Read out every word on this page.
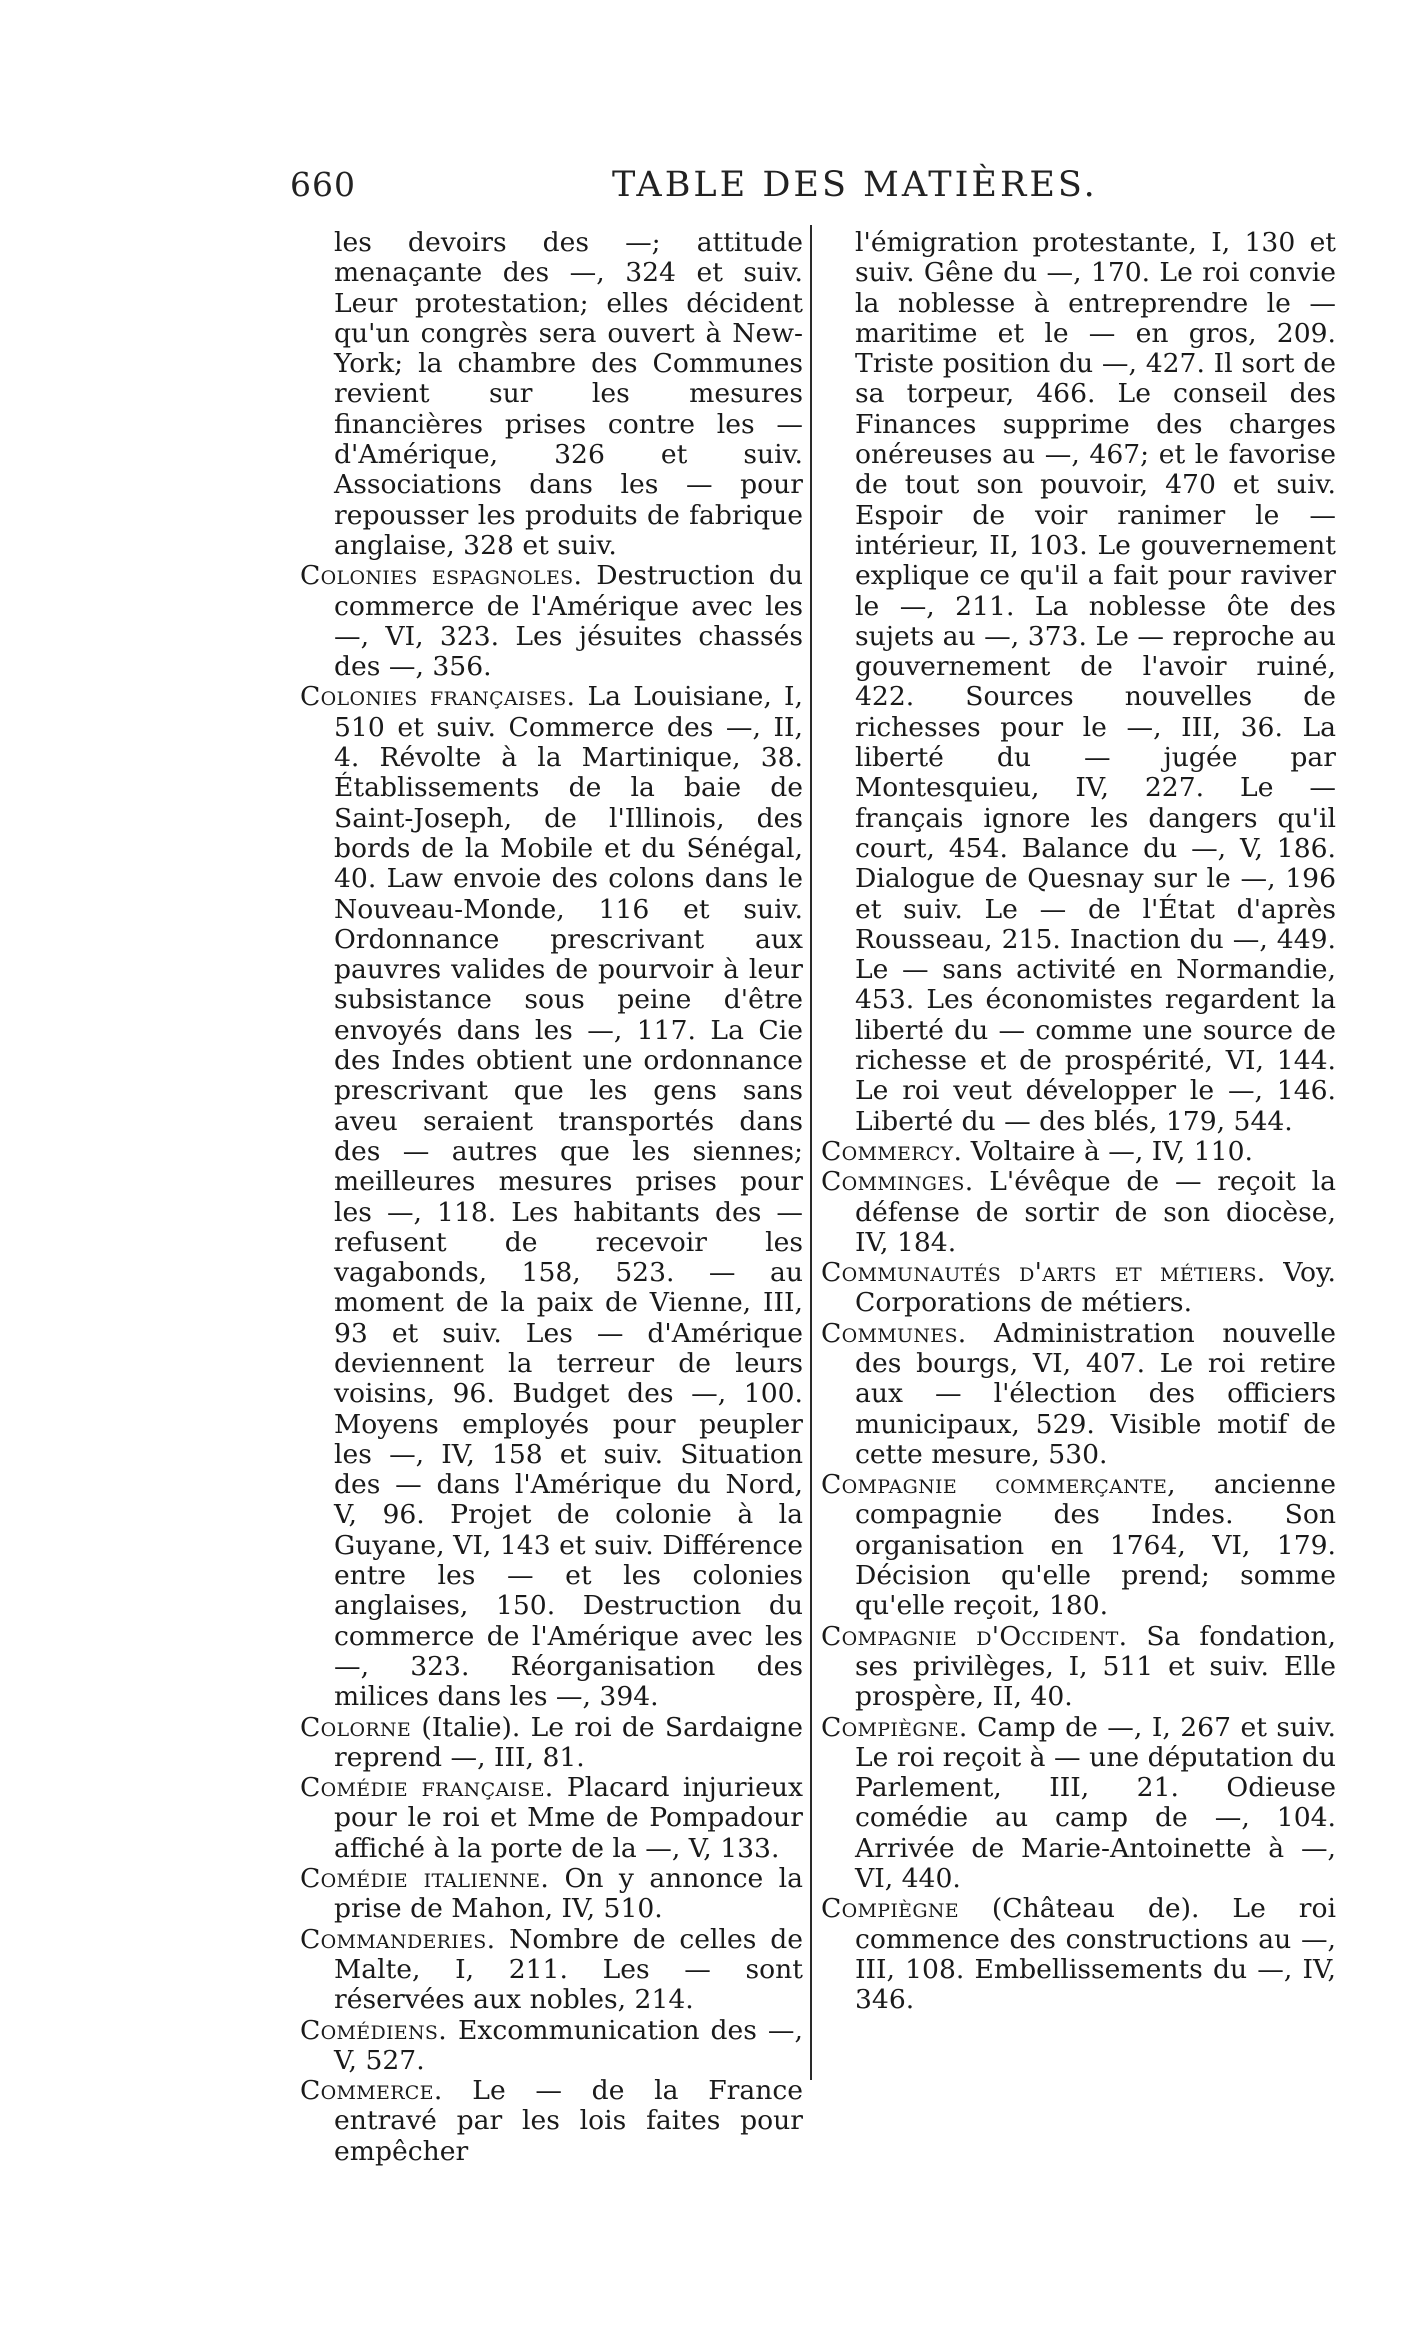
660	TABLE DES MATIÈRES.

les devoirs des —; attitude menaçante des —, 324 et suiv. Leur protestation; elles décident qu'un congrès sera ouvert à New-York; la chambre des Communes revient sur les mesures financières prises contre les — d'Amérique, 326 et suiv. Associations dans les — pour repousser les produits de fabrique anglaise, 328 et suiv.

Colonies espagnoles. Destruction du commerce de l'Amérique avec les —, VI, 323. Les jésuites chassés des —, 356.

Colonies françaises. La Louisiane, I, 510 et suiv. Commerce des —, II, 4. Révolte à la Martinique, 38. Établissements de la baie de Saint-Joseph, de l'Illinois, des bords de la Mobile et du Sénégal, 40. Law envoie des colons dans le Nouveau-Monde, 116 et suiv. Ordonnance prescrivant aux pauvres valides de pourvoir à leur subsistance sous peine d'être envoyés dans les —, 117. La Cie des Indes obtient une ordonnance prescrivant que les gens sans aveu seraient transportés dans des — autres que les siennes; meilleures mesures prises pour les —, 118. Les habitants des — refusent de recevoir les vagabonds, 158, 523. — au moment de la paix de Vienne, III, 93 et suiv. Les — d'Amérique deviennent la terreur de leurs voisins, 96. Budget des —, 100. Moyens employés pour peupler les —, IV, 158 et suiv. Situation des — dans l'Amérique du Nord, V, 96. Projet de colonie à la Guyane, VI, 143 et suiv. Différence entre les — et les colonies anglaises, 150. Destruction du commerce de l'Amérique avec les —, 323. Réorganisation des milices dans les —, 394.

Colorne (Italie). Le roi de Sardaigne reprend —, III, 81.

Comédie française. Placard injurieux pour le roi et Mme de Pompadour affiché à la porte de la —, V, 133.

Comédie italienne. On y annonce la prise de Mahon, IV, 510.

Commanderies. Nombre de celles de Malte, I, 211. Les — sont réservées aux nobles, 214.

Comédiens. Excommunication des —, V, 527.

Commerce. Le — de la France entravé par les lois faites pour empêcher

l'émigration protestante, I, 130 et suiv. Gêne du —, 170. Le roi convie la noblesse à entreprendre le — maritime et le — en gros, 209. Triste position du —, 427. Il sort de sa torpeur, 466. Le conseil des Finances supprime des charges onéreuses au —, 467; et le favorise de tout son pouvoir, 470 et suiv. Espoir de voir ranimer le — intérieur, II, 103. Le gouvernement explique ce qu'il a fait pour raviver le —, 211. La noblesse ôte des sujets au —, 373. Le — reproche au gouvernement de l'avoir ruiné, 422. Sources nouvelles de richesses pour le —, III, 36. La liberté du — jugée par Montesquieu, IV, 227. Le — français ignore les dangers qu'il court, 454. Balance du —, V, 186. Dialogue de Quesnay sur le —, 196 et suiv. Le — de l'État d'après Rousseau, 215. Inaction du —, 449. Le — sans activité en Normandie, 453. Les économistes regardent la liberté du — comme une source de richesse et de prospérité, VI, 144. Le roi veut développer le —, 146. Liberté du — des blés, 179, 544.

Commercy. Voltaire à —, IV, 110.

Comminges. L'évêque de — reçoit la défense de sortir de son diocèse, IV, 184.

Communautés d'arts et métiers. Voy. Corporations de métiers.

Communes. Administration nouvelle des bourgs, VI, 407. Le roi retire aux — l'élection des officiers municipaux, 529. Visible motif de cette mesure, 530.

Compagnie commerçante, ancienne compagnie des Indes. Son organisation en 1764, VI, 179. Décision qu'elle prend; somme qu'elle reçoit, 180.

Compagnie d'Occident. Sa fondation, ses privilèges, I, 511 et suiv. Elle prospère, II, 40.

Compiègne. Camp de —, I, 267 et suiv. Le roi reçoit à — une députation du Parlement, III, 21. Odieuse comédie au camp de —, 104. Arrivée de Marie-Antoinette à —, VI, 440.

Compiègne (Château de). Le roi commence des constructions au —, III, 108. Embellissements du —, IV, 346.
